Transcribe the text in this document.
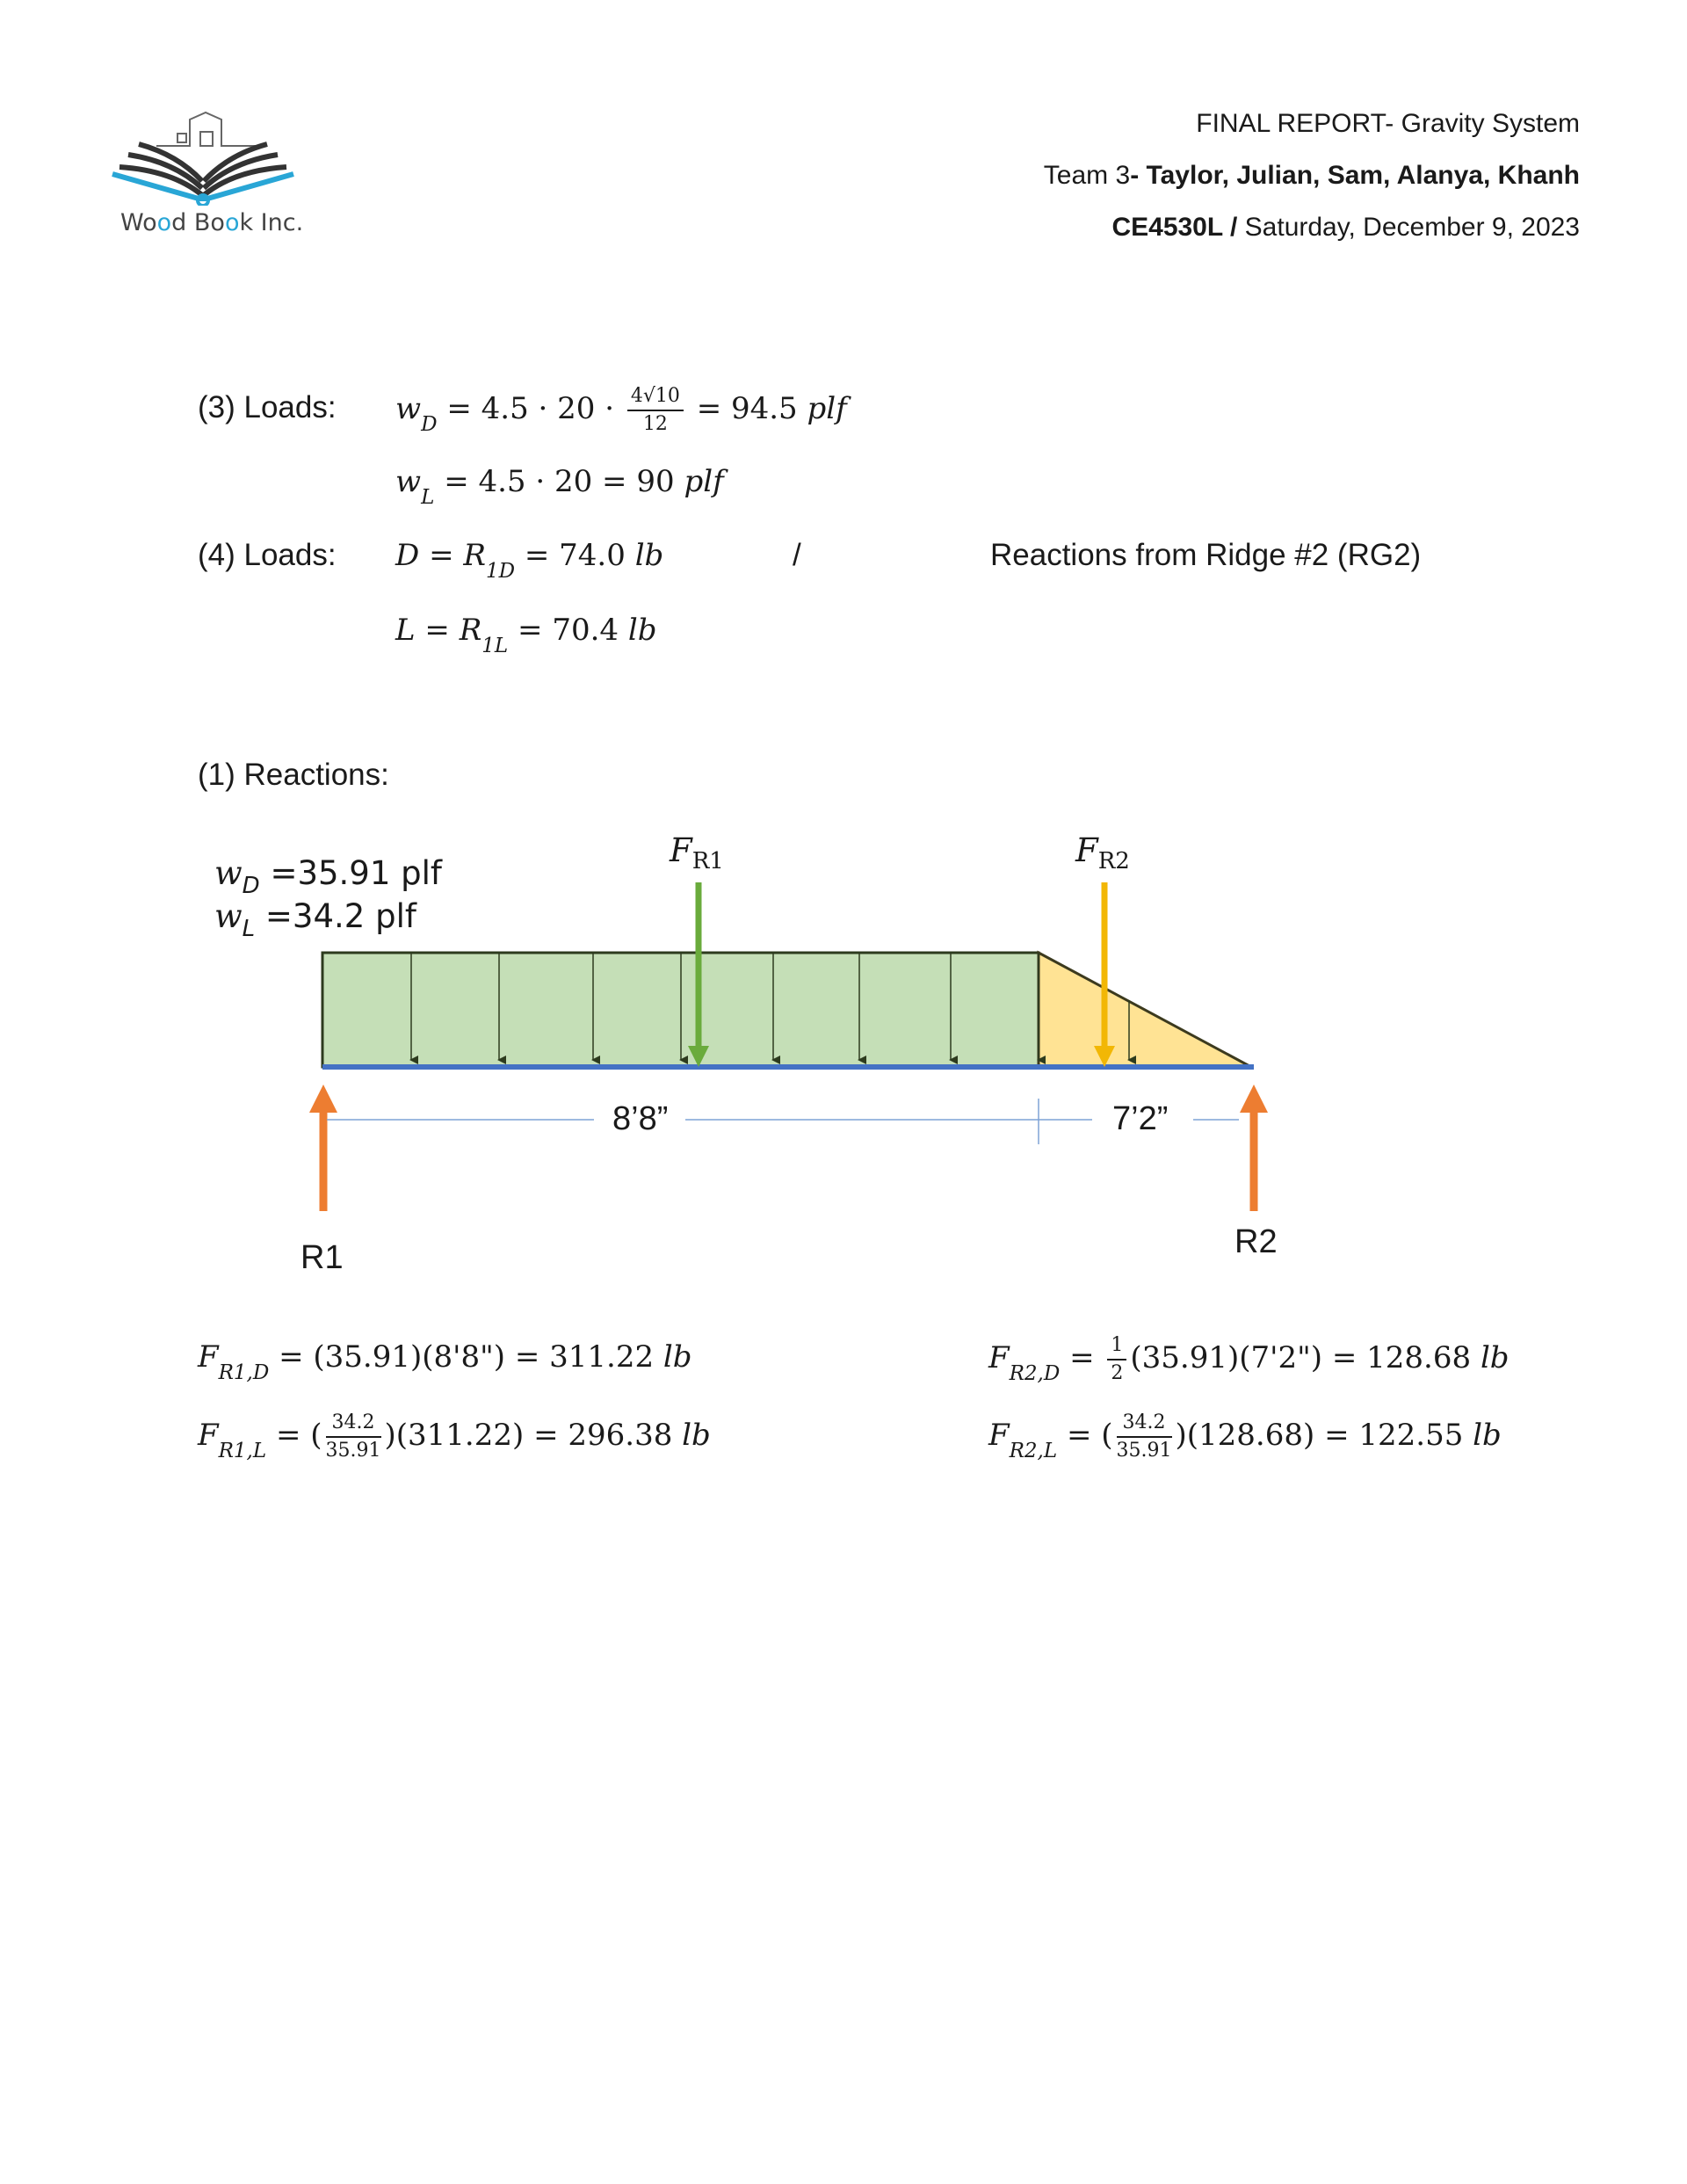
Wood Book Inc.
FINAL REPORT- Gravity System
Team 3- Taylor, Julian, Sam, Alanya, Khanh
CE4530L / Saturday, December 9, 2023
(3) Loads: $w_D = 4.5 \cdot 20 \cdot \frac{4√10}{12} = 94.5$ plf
$w_L = 4.5 \cdot 20 = 90$ plf
(4) Loads: $D = R_{1D} = 74.0$ lb	/	Reactions from Ridge #2 (RG2)
$L = R_{1L} = 70.4$ lb
(1) Reactions:
$w_D =35.91$ plf
$w_L =34.2$ plf
$F_{R1}$	$F_{R2}$
8’8”	7’2”
R1	R2
$F_{R1,D}$ = (35.91)(8'8") = 311.22 lb
$F_{R1,L}$ = ( $\frac{34.2}{35.91} )(311.22) = 296.38$ lb
$F_{R2,D} = \frac{1}{2}$ (35.91)(7'2") = 128.68 lb
$F_{R2,L}$ = ( $\frac{34.2}{35.91} )(128.68) = 122.55$ lb
